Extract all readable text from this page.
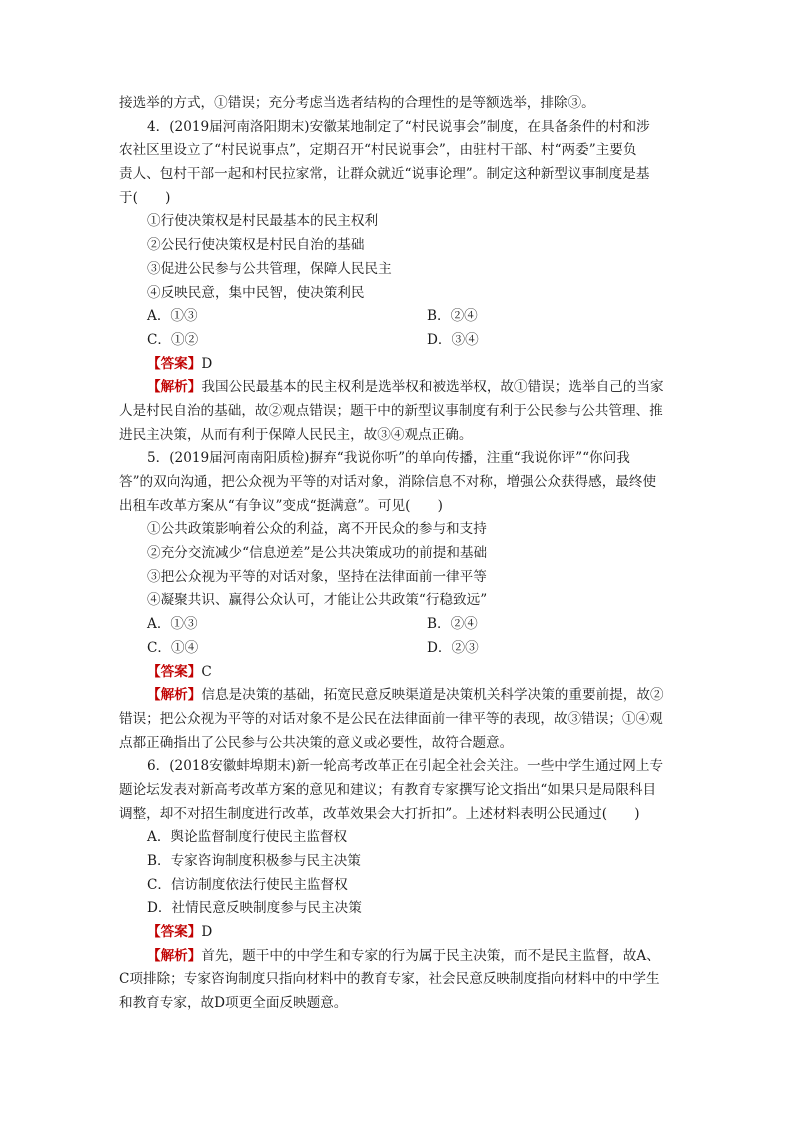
接选举的方式，①错误；充分考虑当选者结构的合理性的是等额选举，排除③。
4．(2019届河南洛阳期末)安徽某地制定了“村民说事会”制度，在具备条件的村和涉
农社区里设立了“村民说事点”，定期召开“村民说事会”，由驻村干部、村“两委”主要负
责人、包村干部一起和村民拉家常，让群众就近“说事论理”。制定这种新型议事制度是基
于(　　)
①行使决策权是村民最基本的民主权利
②公民行使决策权是村民自治的基础
③促进公民参与公共管理，保障人民民主
④反映民意，集中民智，使决策利民
A．①③	B．②④
C．①②	D．③④
【答案】D
【解析】我国公民最基本的民主权利是选举权和被选举权，故①错误；选举自己的当家
人是村民自治的基础，故②观点错误；题干中的新型议事制度有利于公民参与公共管理、推
进民主决策，从而有利于保障人民民主，故③④观点正确。
5．(2019届河南南阳质检)摒弃“我说你听”的单向传播，注重“我说你评”“你问我
答”的双向沟通，把公众视为平等的对话对象，消除信息不对称，增强公众获得感，最终使
出租车改革方案从“有争议”变成“挺满意”。可见(　　)
①公共政策影响着公众的利益，离不开民众的参与和支持
②充分交流减少“信息逆差”是公共决策成功的前提和基础
③把公众视为平等的对话对象，坚持在法律面前一律平等
④凝聚共识、赢得公众认可，才能让公共政策“行稳致远”
A．①③	B．②④
C．①④	D．②③
【答案】C
【解析】信息是决策的基础，拓宽民意反映渠道是决策机关科学决策的重要前提，故②
错误；把公众视为平等的对话对象不是公民在法律面前一律平等的表现，故③错误；①④观
点都正确指出了公民参与公共决策的意义或必要性，故符合题意。
6．(2018安徽蚌埠期末)新一轮高考改革正在引起全社会关注。一些中学生通过网上专
题论坛发表对新高考改革方案的意见和建议；有教育专家撰写论文指出“如果只是局限科目
调整，却不对招生制度进行改革，改革效果会大打折扣”。上述材料表明公民通过(　　)
A．舆论监督制度行使民主监督权
B．专家咨询制度积极参与民主决策
C．信访制度依法行使民主监督权
D．社情民意反映制度参与民主决策
【答案】D
【解析】首先，题干中的中学生和专家的行为属于民主决策，而不是民主监督，故A、
C项排除；专家咨询制度只指向材料中的教育专家，社会民意反映制度指向材料中的中学生
和教育专家，故D项更全面反映题意。
